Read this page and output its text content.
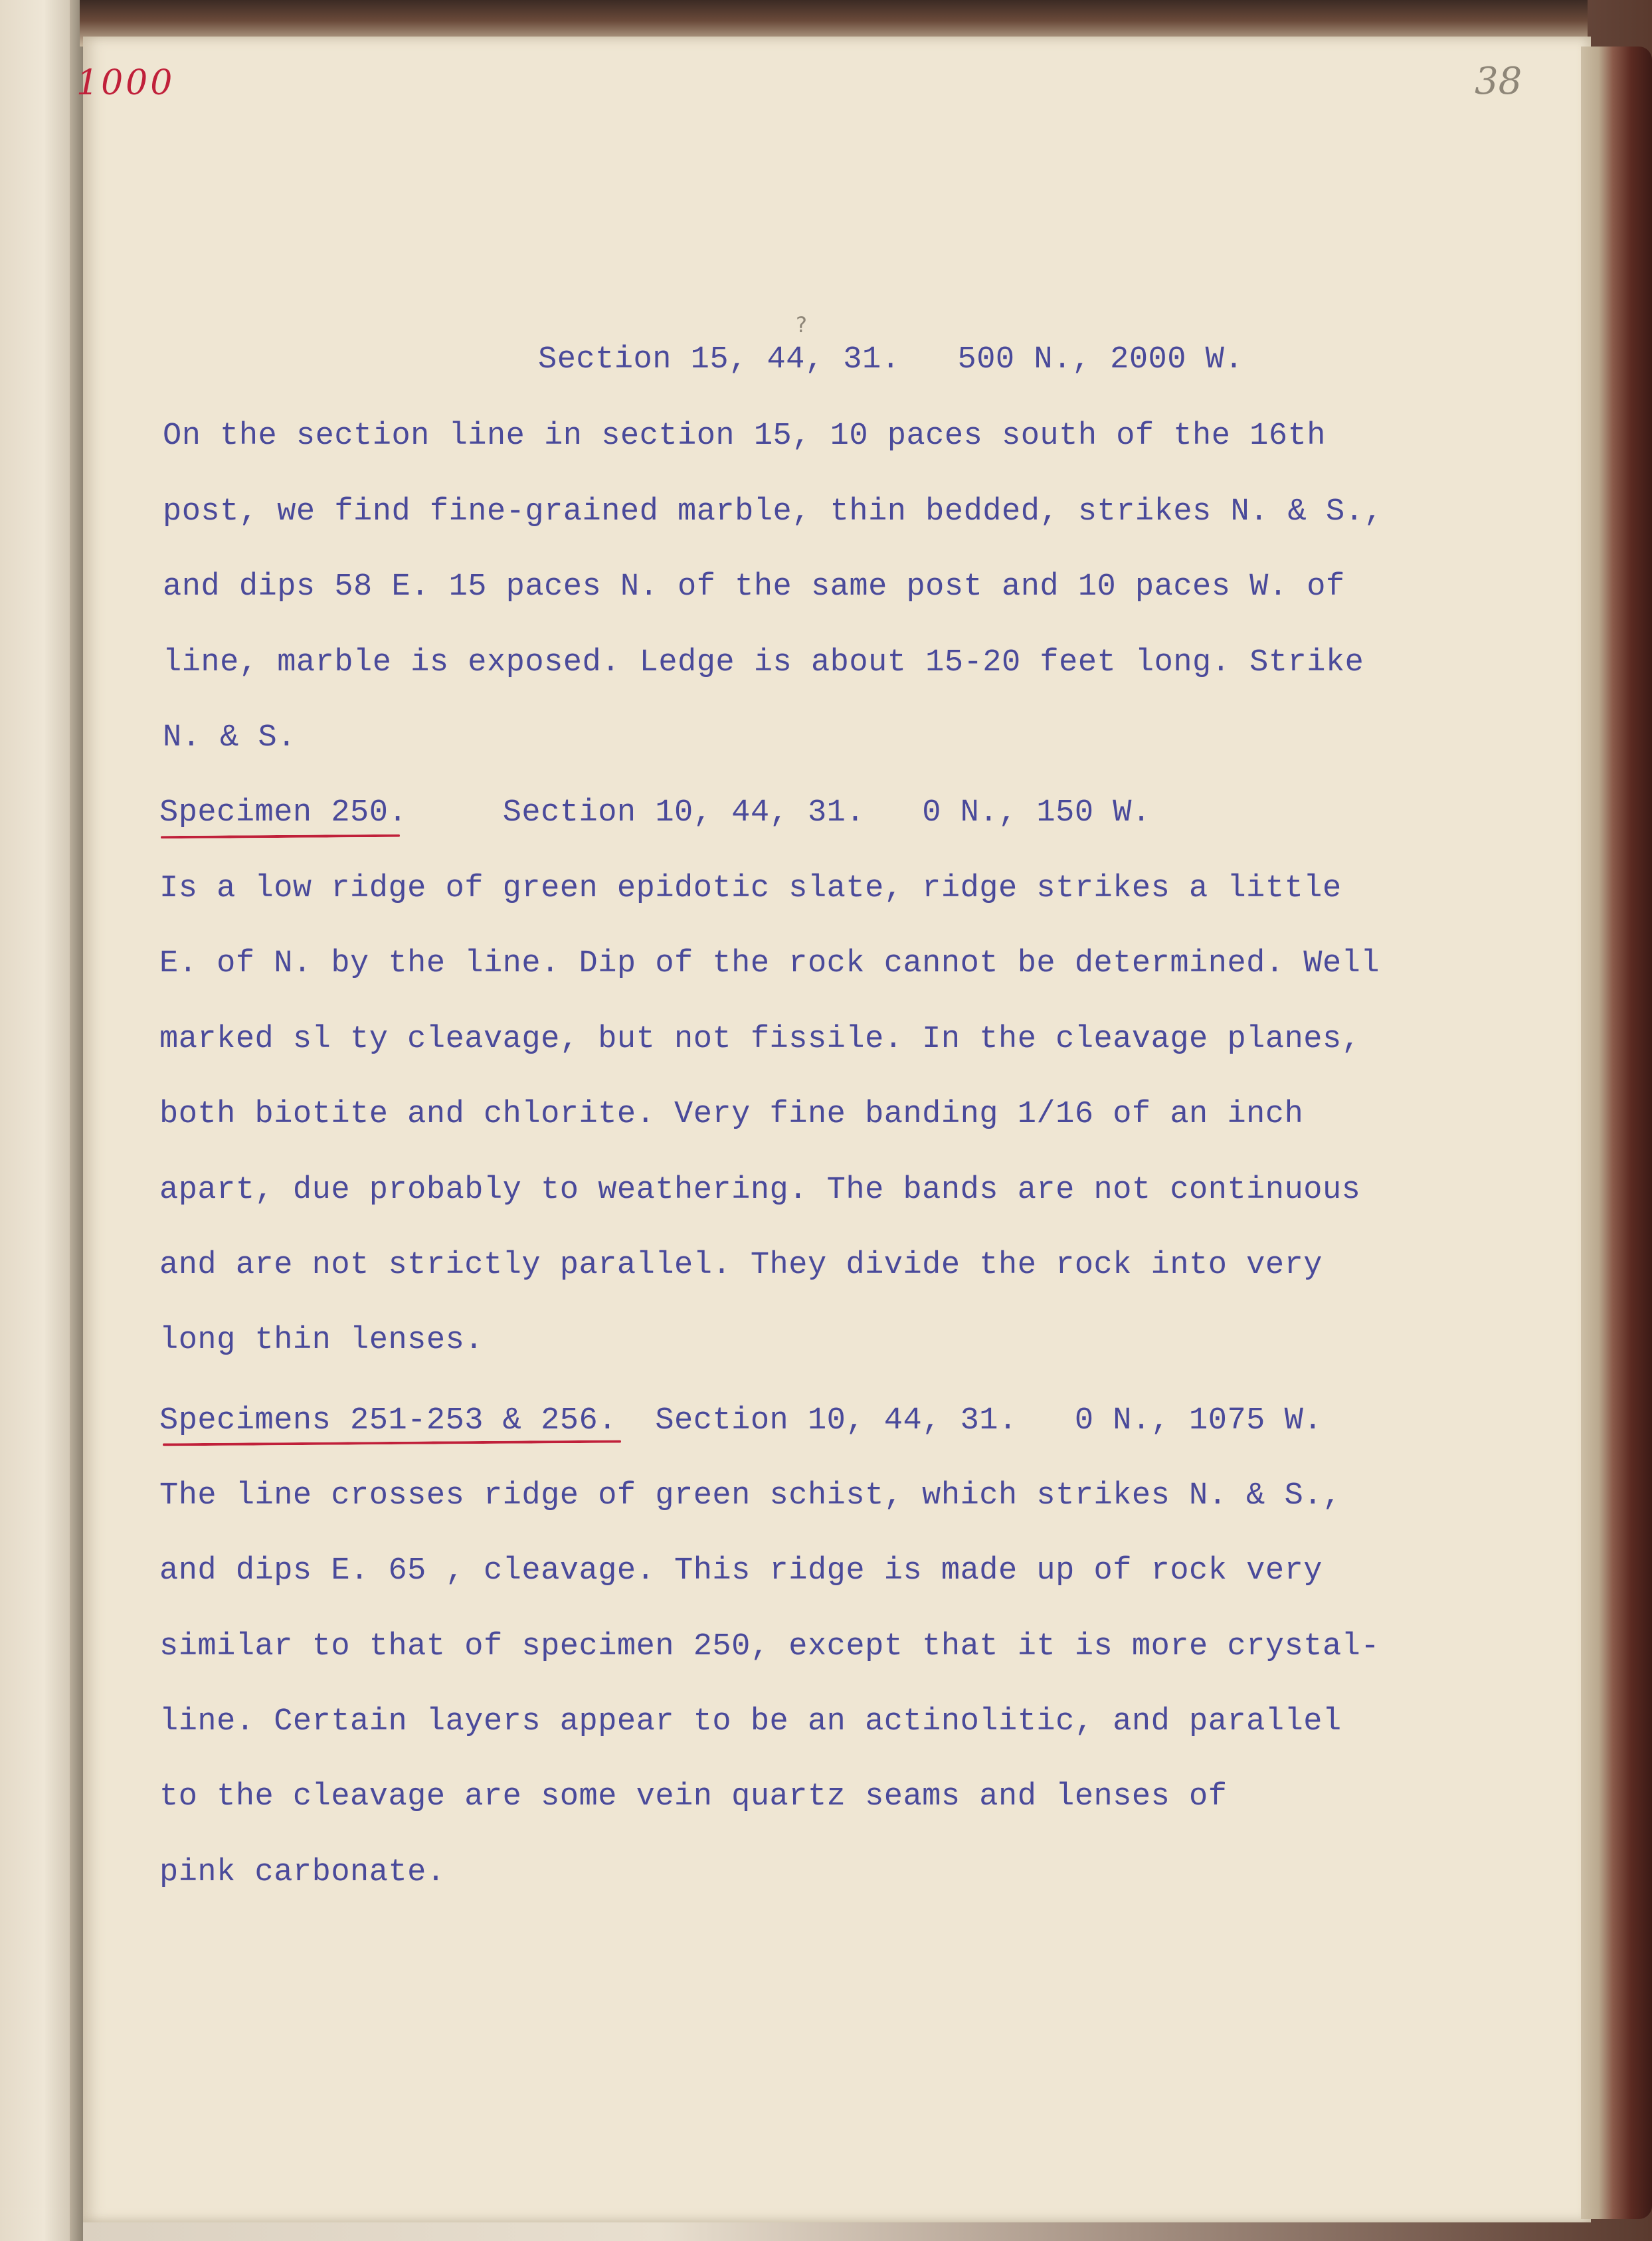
1000	38
?
Section 15, 44, 31.   500 N., 2000 W.
On the section line in section 15, 10 paces south of the 16th
post, we find fine-grained marble, thin bedded, strikes N. & S.,
and dips 58 E. 15 paces N. of the same post and 10 paces W. of
line, marble is exposed. Ledge is about 15-20 feet long. Strike
N. & S.
Specimen 250.     Section 10, 44, 31.   0 N., 150 W.
Is a low ridge of green epidotic slate, ridge strikes a little
E. of N. by the line. Dip of the rock cannot be determined. Well
marked sl ty cleavage, but not fissile. In the cleavage planes,
both biotite and chlorite. Very fine banding 1/16 of an inch
apart, due probably to weathering. The bands are not continuous
and are not strictly parallel. They divide the rock into very
long thin lenses.
Specimens 251-253 & 256.  Section 10, 44, 31.   0 N., 1075 W.
The line crosses ridge of green schist, which strikes N. & S.,
and dips E. 65 , cleavage. This ridge is made up of rock very
similar to that of specimen 250, except that it is more crystal-
line. Certain layers appear to be an actinolitic, and parallel
to the cleavage are some vein quartz seams and lenses of
pink carbonate.
